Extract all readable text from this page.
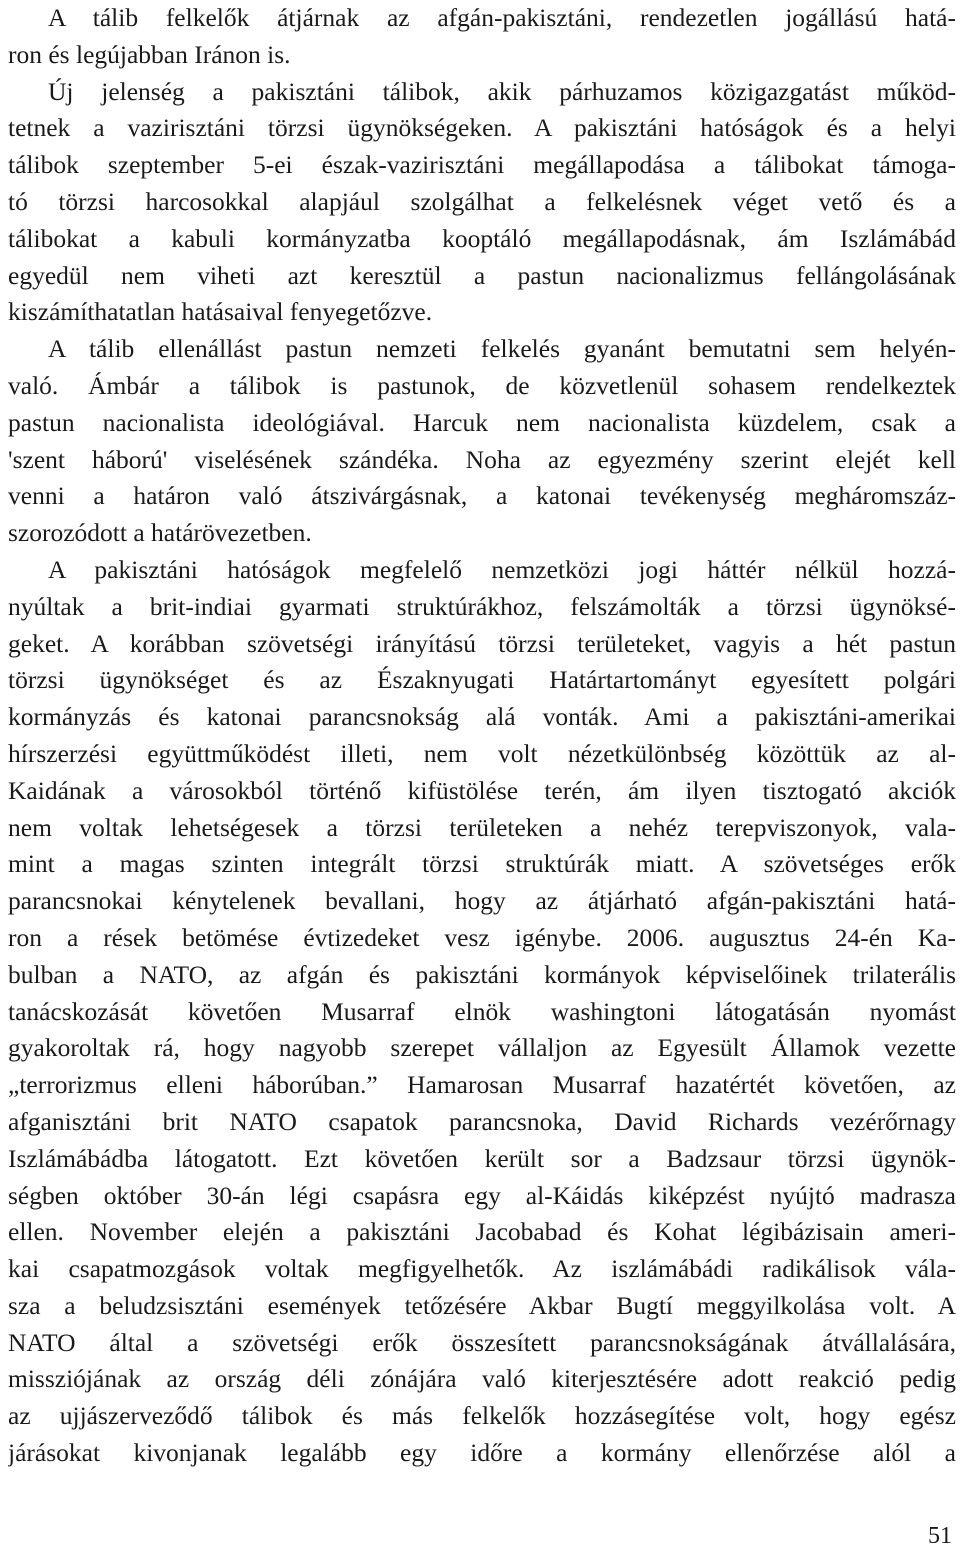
A tálib felkelők átjárnak az afgán-pakisztáni, rendezetlen jogállású hatá-
ron és legújabban Iránon is.
Új jelenség a pakisztáni tálibok, akik párhuzamos közigazgatást működ-
tetnek a vazirisztáni törzsi ügynökségeken. A pakisztáni hatóságok és a helyi
tálibok szeptember 5-ei észak-vazirisztáni megállapodása a tálibokat támoga-
tó törzsi harcosokkal alapjául szolgálhat a felkelésnek véget vető és a
tálibokat a kabuli kormányzatba kooptáló megállapodásnak, ám Iszlámábád
egyedül nem viheti azt keresztül a pastun nacionalizmus fellángolásának
kiszámíthatatlan hatásaival fenyegetőzve.
A tálib ellenállást pastun nemzeti felkelés gyanánt bemutatni sem helyén-
való. Ámbár a tálibok is pastunok, de közvetlenül sohasem rendelkeztek
pastun nacionalista ideológiával. Harcuk nem nacionalista küzdelem, csak a
'szent háború' viselésének szándéka. Noha az egyezmény szerint elejét kell
venni a határon való átszivárgásnak, a katonai tevékenység megháromszáz-
szorozódott a határövezetben.
A pakisztáni hatóságok megfelelő nemzetközi jogi háttér nélkül hozzá-
nyúltak a brit-indiai gyarmati struktúrákhoz, felszámolták a törzsi ügynöksé-
geket. A korábban szövetségi irányítású törzsi területeket, vagyis a hét pastun
törzsi ügynökséget és az Északnyugati Határtartományt egyesített polgári
kormányzás és katonai parancsnokság alá vonták. Ami a pakisztáni-amerikai
hírszerzési együttműködést illeti, nem volt nézetkülönbség közöttük az al-
Kaidának a városokból történő kifüstölése terén, ám ilyen tisztogató akciók
nem voltak lehetségesek a törzsi területeken a nehéz terepviszonyok, vala-
mint a magas szinten integrált törzsi struktúrák miatt. A szövetséges erők
parancsnokai kénytelenek bevallani, hogy az átjárható afgán-pakisztáni hatá-
ron a rések betömése évtizedeket vesz igénybe. 2006. augusztus 24-én Ka-
bulban a NATO, az afgán és pakisztáni kormányok képviselőinek trilaterális
tanácskozását követően Musarraf elnök washingtoni látogatásán nyomást
gyakoroltak rá, hogy nagyobb szerepet vállaljon az Egyesült Államok vezette
„terrorizmus elleni háborúban.” Hamarosan Musarraf hazatértét követően, az
afganisztáni brit NATO csapatok parancsnoka, David Richards vezérőrnagy
Iszlámábádba látogatott. Ezt követően került sor a Badzsaur törzsi ügynök-
ségben október 30-án légi csapásra egy al-Káidás kiképzést nyújtó madrasza
ellen. November elején a pakisztáni Jacobabad és Kohat légibázisain ameri-
kai csapatmozgások voltak megfigyelhetők. Az iszlámábádi radikálisok vála-
sza a beludzsisztáni események tetőzésére Akbar Bugtí meggyilkolása volt. A
NATO által a szövetségi erők összesített parancsnokságának átvállalására,
missziójának az ország déli zónájára való kiterjesztésére adott reakció pedig
az ujjászerveződő tálibok és más felkelők hozzásegítése volt, hogy egész
járásokat kivonjanak legalább egy időre a kormány ellenőrzése alól a
51
